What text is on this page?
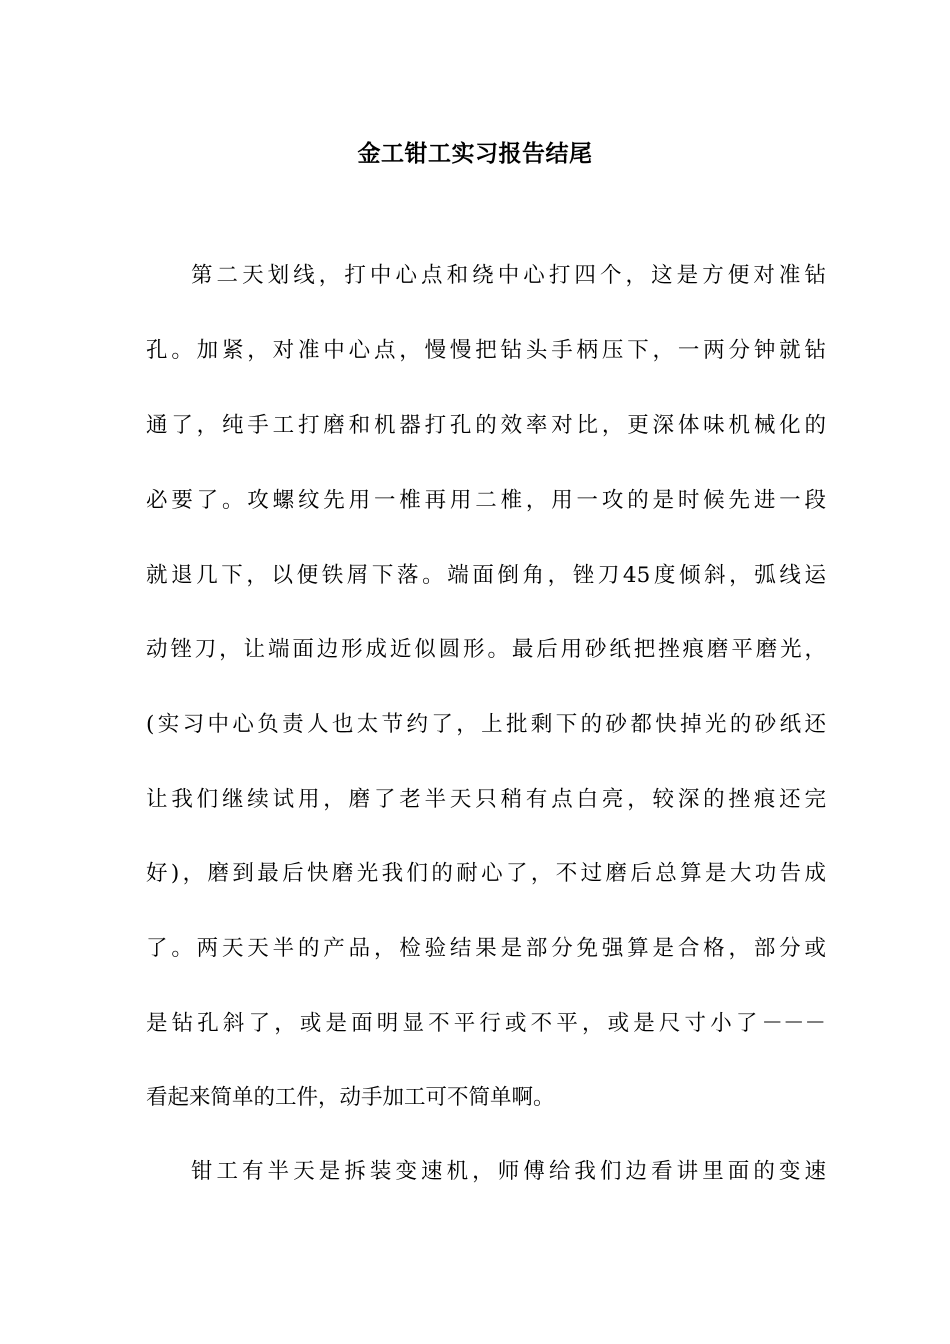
金工钳工实习报告结尾
第二天划线，打中心点和绕中心打四个，这是方便对准钻
孔。加紧，对准中心点，慢慢把钻头手柄压下，一两分钟就钻
通了，纯手工打磨和机器打孔的效率对比，更深体味机械化的
必要了。攻螺纹先用一椎再用二椎，用一攻的是时候先进一段
就退几下，以便铁屑下落。端面倒角，锉刀45度倾斜，弧线运
动锉刀，让端面边形成近似圆形。最后用砂纸把挫痕磨平磨光，
(实习中心负责人也太节约了，上批剩下的砂都快掉光的砂纸还
让我们继续试用，磨了老半天只稍有点白亮，较深的挫痕还完
好)，磨到最后快磨光我们的耐心了，不过磨后总算是大功告成
了。两天天半的产品，检验结果是部分免强算是合格，部分或
是钻孔斜了，或是面明显不平行或不平，或是尺寸小了－－－
看起来简单的工件，动手加工可不简单啊。
钳工有半天是拆装变速机，师傅给我们边看讲里面的变速
